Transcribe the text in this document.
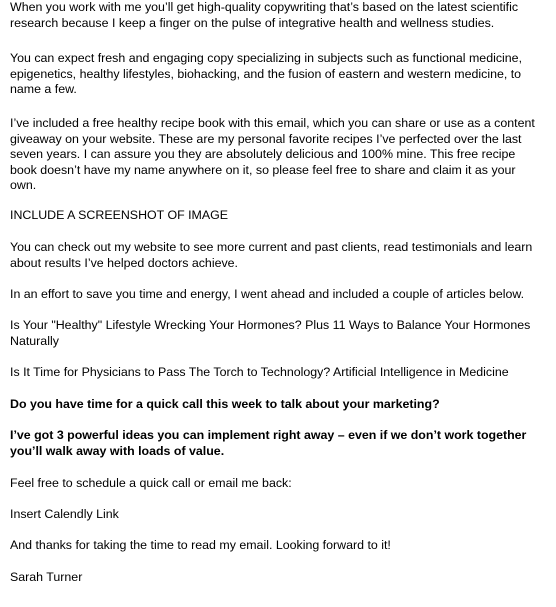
When you work with me you’ll get high-quality copywriting that’s based on the latest scientific research because I keep a finger on the pulse of integrative health and wellness studies.

You can expect fresh and engaging copy specializing in subjects such as functional medicine, epigenetics, healthy lifestyles, biohacking, and the fusion of eastern and western medicine, to name a few.

I’ve included a free healthy recipe book with this email, which you can share or use as a content giveaway on your website. These are my personal favorite recipes I’ve perfected over the last seven years. I can assure you they are absolutely delicious and 100% mine. This free recipe book doesn’t have my name anywhere on it, so please feel free to share and claim it as your own.

INCLUDE A SCREENSHOT OF IMAGE

You can check out my website to see more current and past clients, read testimonials and learn about results I’ve helped doctors achieve.

In an effort to save you time and energy, I went ahead and included a couple of articles below.

Is Your "Healthy" Lifestyle Wrecking Your Hormones? Plus 11 Ways to Balance Your Hormones Naturally

Is It Time for Physicians to Pass The Torch to Technology? Artificial Intelligence in Medicine

Do you have time for a quick call this week to talk about your marketing?

I’ve got 3 powerful ideas you can implement right away – even if we don’t work together you’ll walk away with loads of value.

Feel free to schedule a quick call or email me back:

Insert Calendly Link

And thanks for taking the time to read my email. Looking forward to it!

Sarah Turner
